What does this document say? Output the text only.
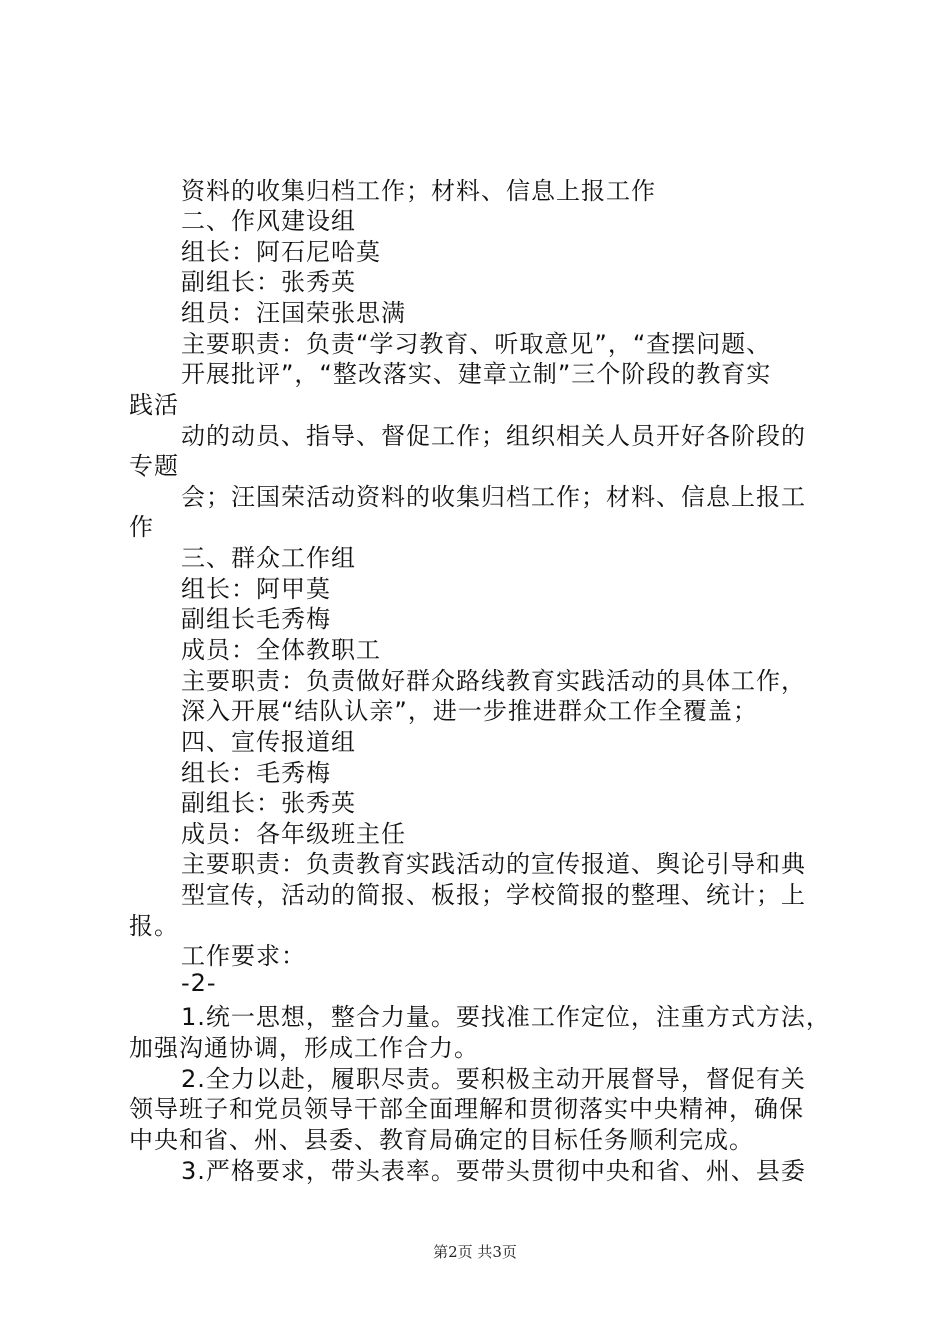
资料的收集归档工作；材料、信息上报工作
二、作风建设组
组长：阿石尼哈莫
副组长：张秀英
组员：汪国荣张思满
主要职责：负责“学习教育、听取意见”，“查摆问题、
开展批评”，“整改落实、建章立制”三个阶段的教育实
践活
动的动员、指导、督促工作；组织相关人员开好各阶段的
专题
会；汪国荣活动资料的收集归档工作；材料、信息上报工
作
三、群众工作组
组长：阿甲莫
副组长毛秀梅
成员：全体教职工
主要职责：负责做好群众路线教育实践活动的具体工作，
深入开展“结队认亲”，进一步推进群众工作全覆盖；
四、宣传报道组
组长：毛秀梅
副组长：张秀英
成员：各年级班主任
主要职责：负责教育实践活动的宣传报道、舆论引导和典
型宣传，活动的简报、板报；学校简报的整理、统计；上
报。
工作要求：
-2-
1.统一思想，整合力量。要找准工作定位，注重方式方法，
加强沟通协调，形成工作合力。
2.全力以赴，履职尽责。要积极主动开展督导，督促有关
领导班子和党员领导干部全面理解和贯彻落实中央精神，确保
中央和省、州、县委、教育局确定的目标任务顺利完成。
3.严格要求，带头表率。要带头贯彻中央和省、州、县委
第2页 共3页
